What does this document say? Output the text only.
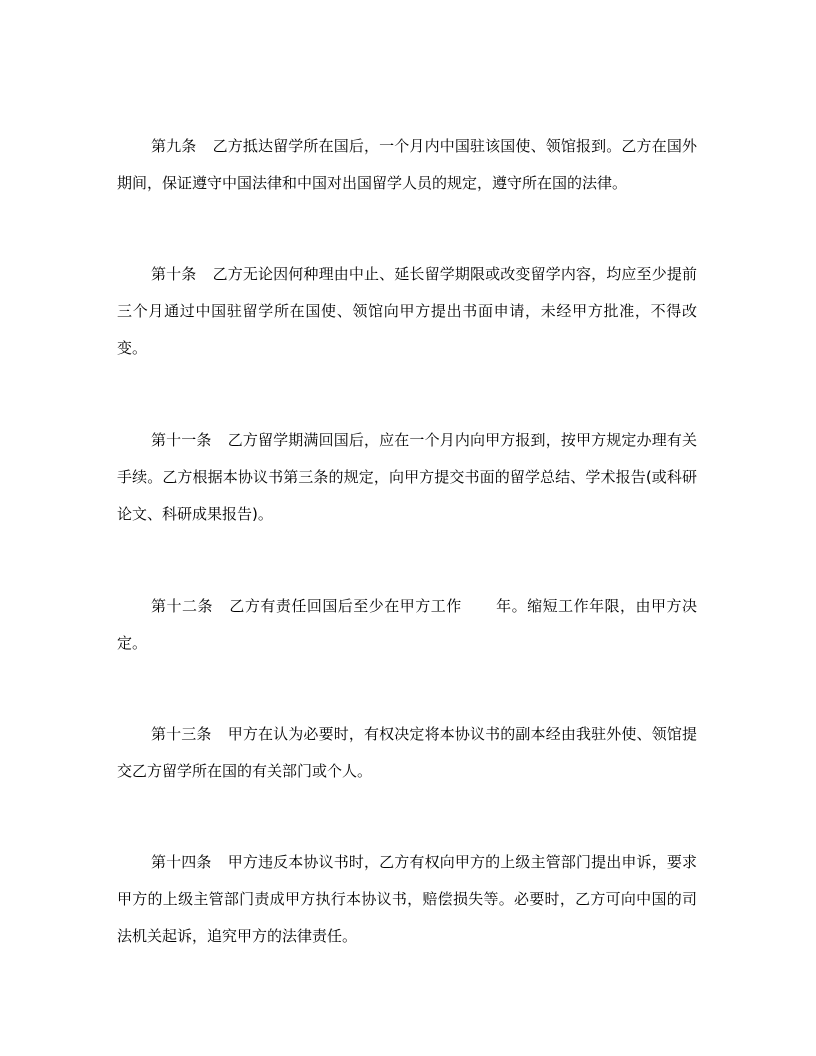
第九条 乙方抵达留学所在国后，一个月内中国驻该国使、领馆报到。乙方在国外期间，保证遵守中国法律和中国对出国留学人员的规定，遵守所在国的法律。

第十条 乙方无论因何种理由中止、延长留学期限或改变留学内容，均应至少提前三个月通过中国驻留学所在国使、领馆向甲方提出书面申请，未经甲方批准，不得改变。

第十一条 乙方留学期满回国后，应在一个月内向甲方报到，按甲方规定办理有关手续。乙方根据本协议书第三条的规定，向甲方提交书面的留学总结、学术报告(或科研论文、科研成果报告)。

第十二条 乙方有责任回国后至少在甲方工作 年。缩短工作年限，由甲方决定。

第十三条 甲方在认为必要时，有权决定将本协议书的副本经由我驻外使、领馆提交乙方留学所在国的有关部门或个人。

第十四条 甲方违反本协议书时，乙方有权向甲方的上级主管部门提出申诉，要求甲方的上级主管部门责成甲方执行本协议书，赔偿损失等。必要时，乙方可向中国的司法机关起诉，追究甲方的法律责任。
